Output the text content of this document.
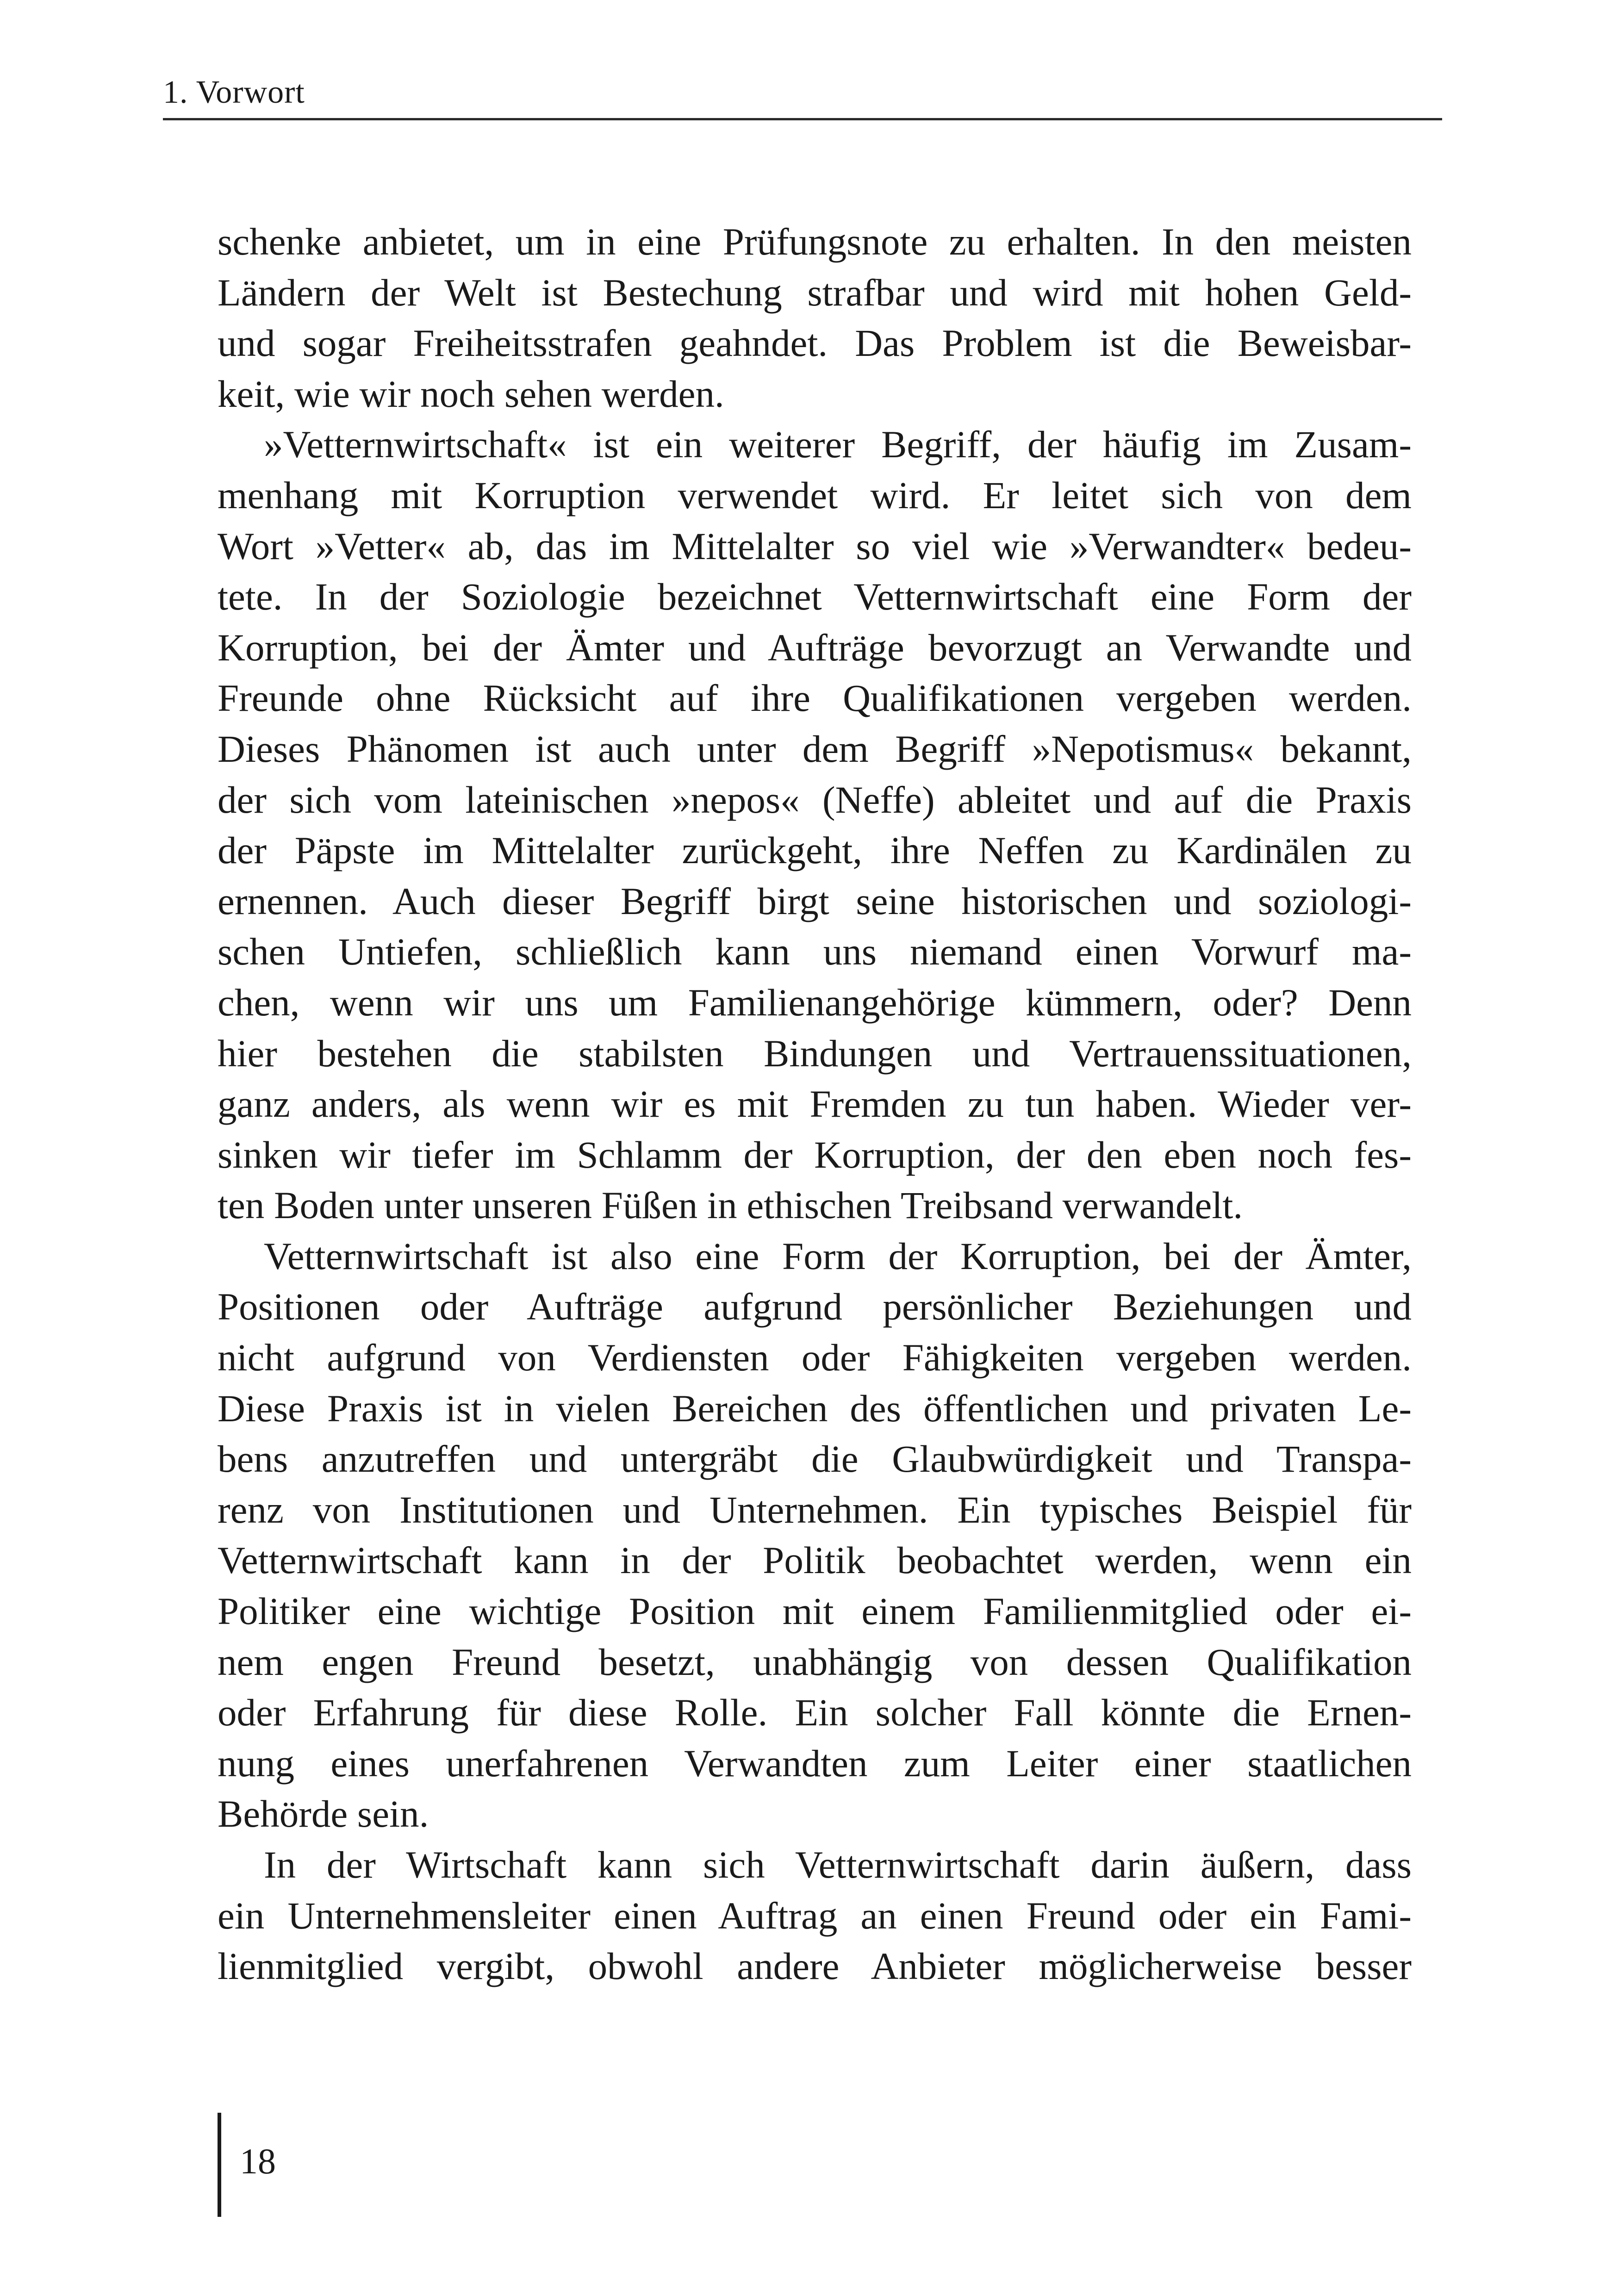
1. Vorwort
schenke anbietet, um in eine Prüfungsnote zu erhalten. In den meisten
Ländern der Welt ist Bestechung strafbar und wird mit hohen Geld-
und sogar Freiheitsstrafen geahndet. Das Problem ist die Beweisbar-
keit, wie wir noch sehen werden.
»Vetternwirtschaft« ist ein weiterer Begriff, der häufig im Zusam-
menhang mit Korruption verwendet wird. Er leitet sich von dem
Wort »Vetter« ab, das im Mittelalter so viel wie »Verwandter« bedeu-
tete. In der Soziologie bezeichnet Vetternwirtschaft eine Form der
Korruption, bei der Ämter und Aufträge bevorzugt an Verwandte und
Freunde ohne Rücksicht auf ihre Qualifikationen vergeben werden.
Dieses Phänomen ist auch unter dem Begriff »Nepotismus« bekannt,
der sich vom lateinischen »nepos« (Neffe) ableitet und auf die Praxis
der Päpste im Mittelalter zurückgeht, ihre Neffen zu Kardinälen zu
ernennen. Auch dieser Begriff birgt seine historischen und soziologi-
schen Untiefen, schließlich kann uns niemand einen Vorwurf ma-
chen, wenn wir uns um Familienangehörige kümmern, oder? Denn
hier bestehen die stabilsten Bindungen und Vertrauenssituationen,
ganz anders, als wenn wir es mit Fremden zu tun haben. Wieder ver-
sinken wir tiefer im Schlamm der Korruption, der den eben noch fes-
ten Boden unter unseren Füßen in ethischen Treibsand verwandelt.
Vetternwirtschaft ist also eine Form der Korruption, bei der Ämter,
Positionen oder Aufträge aufgrund persönlicher Beziehungen und
nicht aufgrund von Verdiensten oder Fähigkeiten vergeben werden.
Diese Praxis ist in vielen Bereichen des öffentlichen und privaten Le-
bens anzutreffen und untergräbt die Glaubwürdigkeit und Transpa-
renz von Institutionen und Unternehmen. Ein typisches Beispiel für
Vetternwirtschaft kann in der Politik beobachtet werden, wenn ein
Politiker eine wichtige Position mit einem Familienmitglied oder ei-
nem engen Freund besetzt, unabhängig von dessen Qualifikation
oder Erfahrung für diese Rolle. Ein solcher Fall könnte die Ernen-
nung eines unerfahrenen Verwandten zum Leiter einer staatlichen
Behörde sein.
In der Wirtschaft kann sich Vetternwirtschaft darin äußern, dass
ein Unternehmensleiter einen Auftrag an einen Freund oder ein Fami-
lienmitglied vergibt, obwohl andere Anbieter möglicherweise besser
18
